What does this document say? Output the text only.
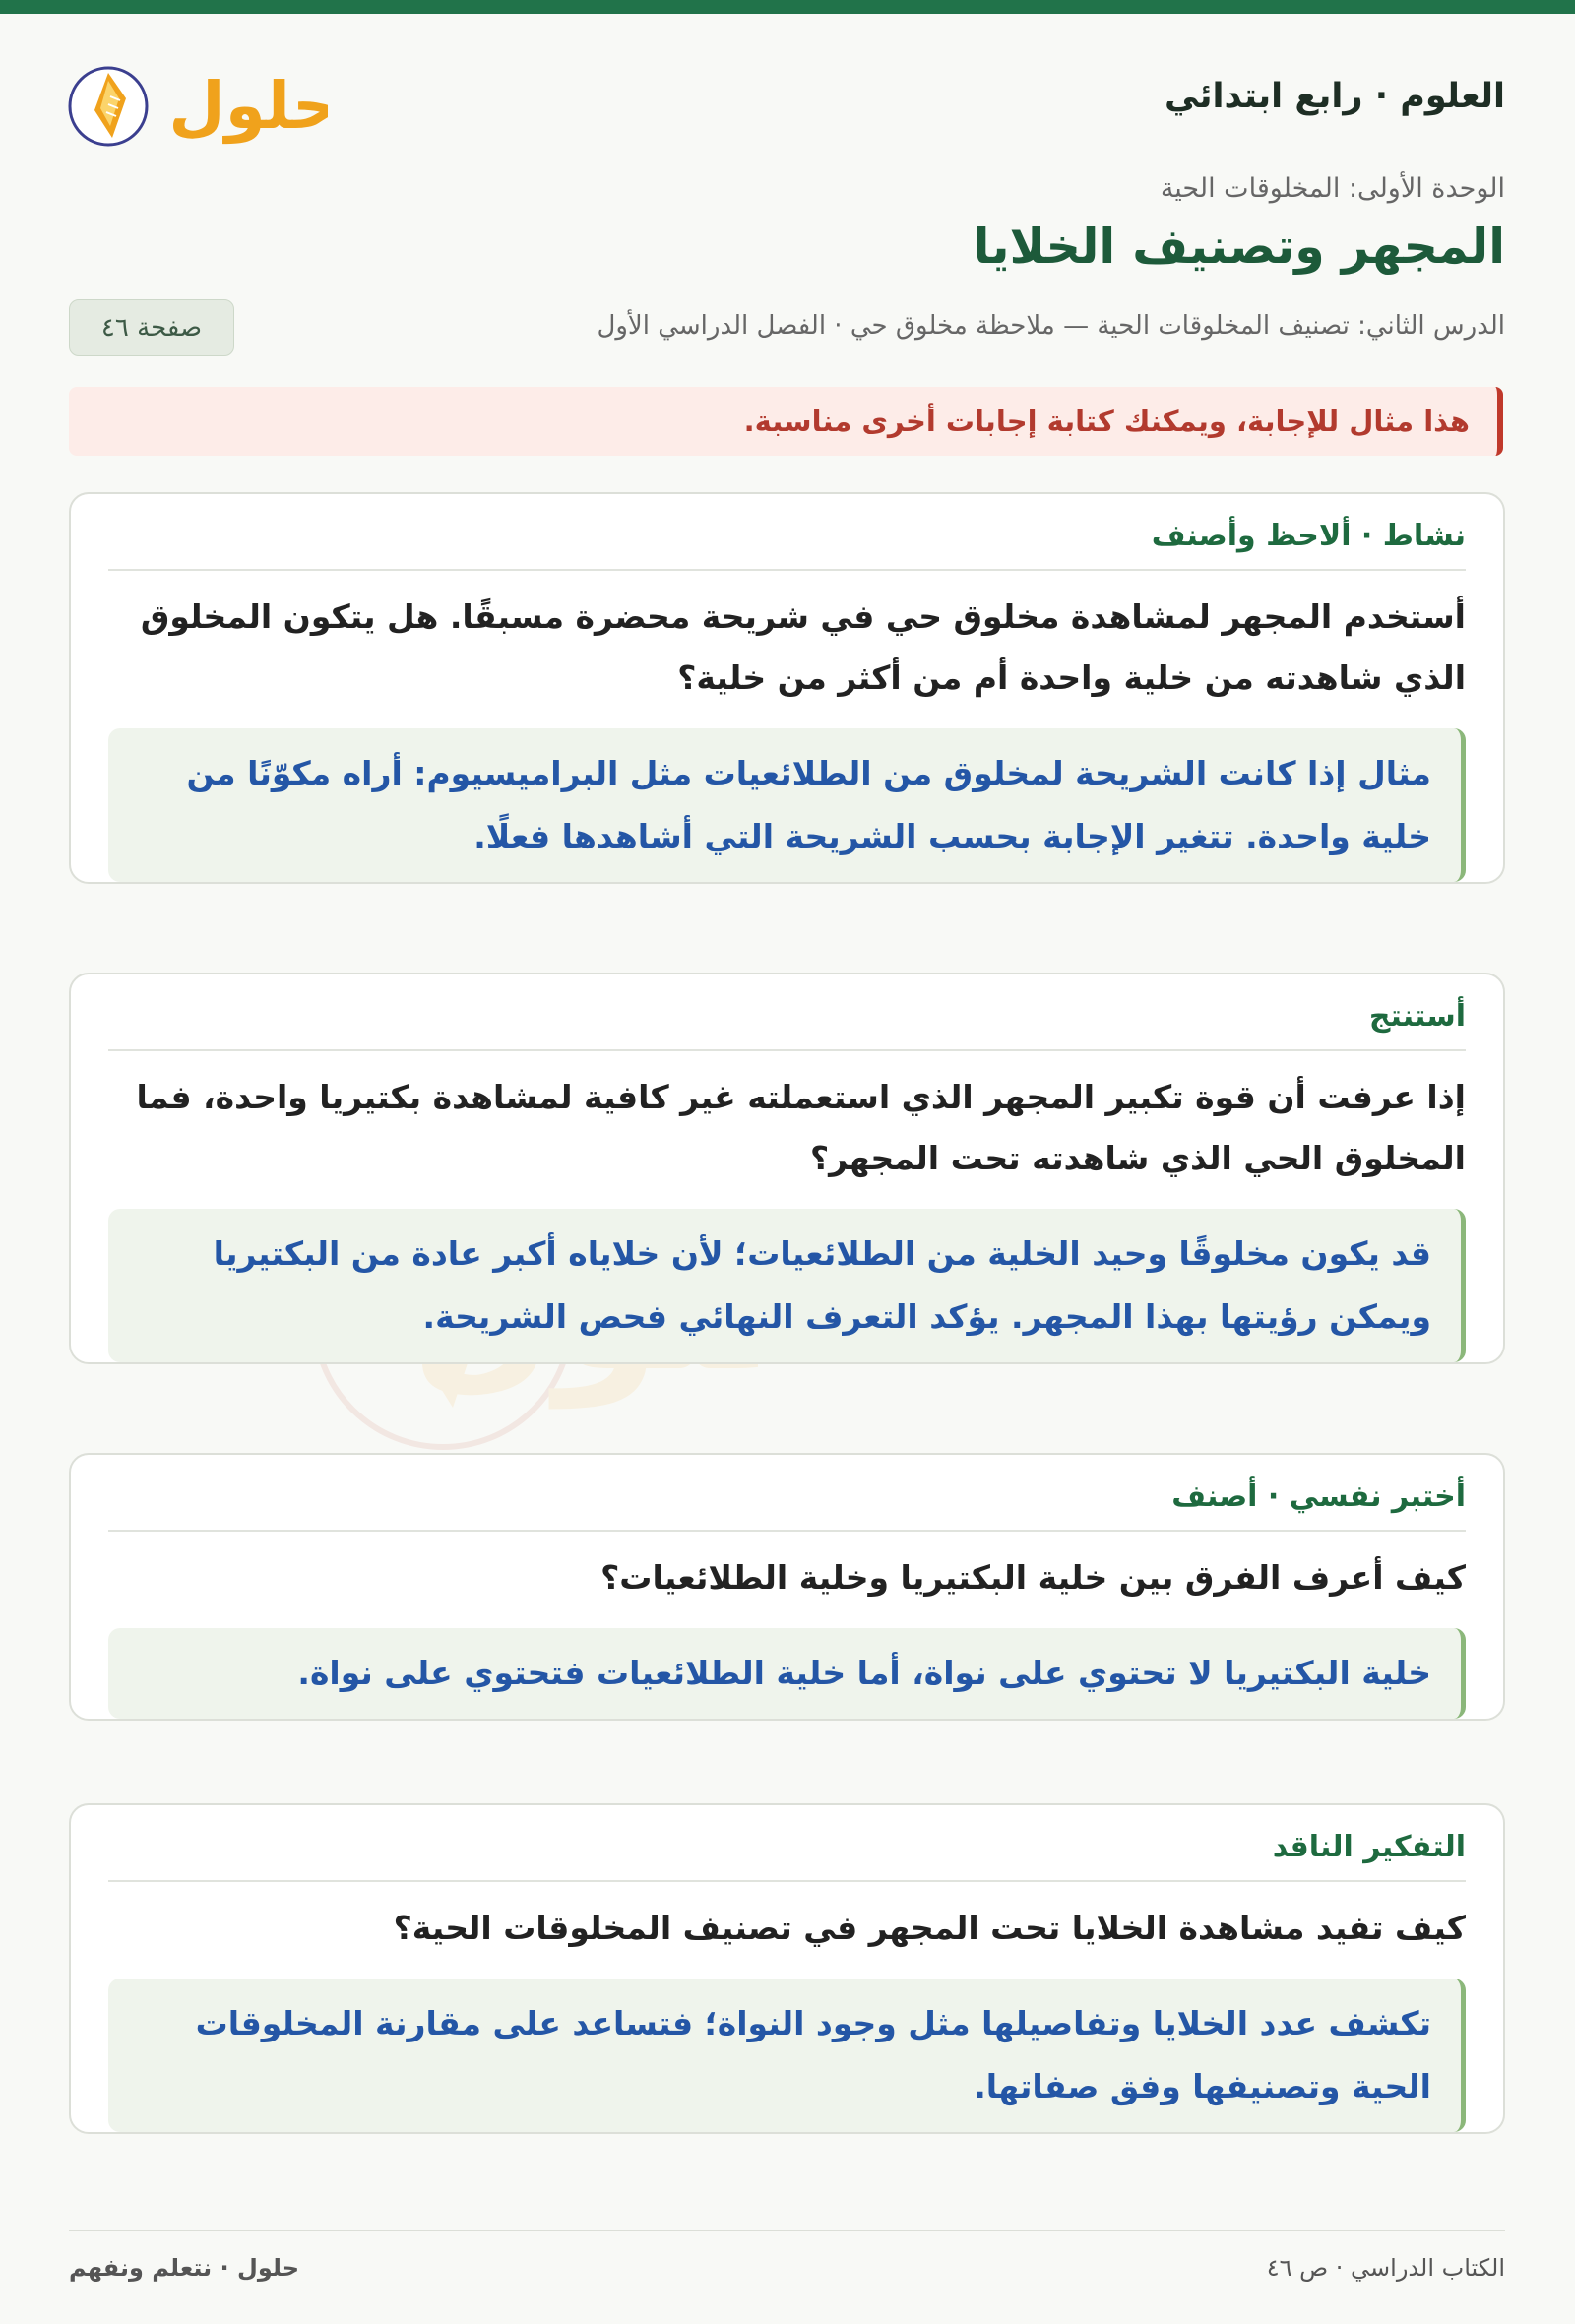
العلوم · رابع ابتدائي
حلول
الوحدة الأولى: المخلوقات الحية
المجهر وتصنيف الخلايا
الدرس الثاني: تصنيف المخلوقات الحية — ملاحظة مخلوق حي · الفصل الدراسي الأول
صفحة ٤٦
هذا مثال للإجابة، ويمكنك كتابة إجابات أخرى مناسبة.
نشاط · ألاحظ وأصنف
أستخدم المجهر لمشاهدة مخلوق حي في شريحة محضرة مسبقًا. هل يتكون المخلوق الذي شاهدته من خلية واحدة أم من أكثر من خلية؟
مثال إذا كانت الشريحة لمخلوق من الطلائعيات مثل البراميسيوم: أراه مكوّنًا من خلية واحدة. تتغير الإجابة بحسب الشريحة التي أشاهدها فعلًا.
أستنتج
إذا عرفت أن قوة تكبير المجهر الذي استعملته غير كافية لمشاهدة بكتيريا واحدة، فما المخلوق الحي الذي شاهدته تحت المجهر؟
قد يكون مخلوقًا وحيد الخلية من الطلائعيات؛ لأن خلاياه أكبر عادة من البكتيريا ويمكن رؤيتها بهذا المجهر. يؤكد التعرف النهائي فحص الشريحة.
أختبر نفسي · أصنف
كيف أعرف الفرق بين خلية البكتيريا وخلية الطلائعيات؟
خلية البكتيريا لا تحتوي على نواة، أما خلية الطلائعيات فتحتوي على نواة.
التفكير الناقد
كيف تفيد مشاهدة الخلايا تحت المجهر في تصنيف المخلوقات الحية؟
تكشف عدد الخلايا وتفاصيلها مثل وجود النواة؛ فتساعد على مقارنة المخلوقات الحية وتصنيفها وفق صفاتها.
الكتاب الدراسي · ص ٤٦
حلول · نتعلم ونفهم
